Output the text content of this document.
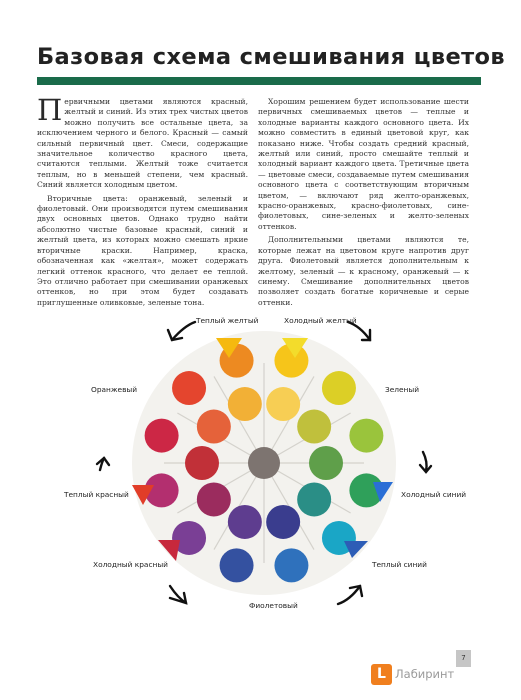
Базовая схема смешивания цветов

Первичными цветами являются красный, желтый и синий. Из этих трех чистых цветов можно получить все остальные цвета, за исключением черного и белого. Красный — самый сильный первичный цвет. Смеси, содержащие значительное количество красного цвета, считаются теплыми. Желтый тоже считается теплым, но в меньшей степени, чем красный. Синий является холодным цветом.

Вторичные цвета: оранжевый, зеленый и фиолетовый. Они производятся путем смешивания двух основных цветов. Однако трудно найти абсолютно чистые базовые красный, синий и желтый цвета, из которых можно смешать яркие вторичные краски. Например, краска, обозначенная как «желтая», может содержать легкий оттенок красного, что делает ее теплой. Это отлично работает при смешивании оранжевых оттенков, но при этом будет создавать приглушенные оливковые, зеленые тона.

Хорошим решением будет использование шести первичных смешиваемых цветов — теплые и холодные варианты каждого основного цвета. Их можно совместить в единый цветовой круг, как показано ниже. Чтобы создать средний красный, желтый или синий, просто смешайте теплый и холодный вариант каждого цвета. Третичные цвета — цветовые смеси, создаваемые путем смешивания основного цвета с соответствующим вторичным цветом, — включают ряд желто-оранжевых, красно-оранжевых, красно-фиолетовых, сине-фиолетовых, сине-зеленых и желто-зеленых оттенков.

Дополнительными цветами являются те, которые лежат на цветовом круге напротив друг друга. Фиолетовый является дополнительным к желтому, зеленый — к красному, оранжевый — к синему. Смешивание дополнительных цветов позволяет создать богатые коричневые и серые оттенки.

Теплый желтый	Холодный желтый
Оранжевый	Зеленый
Теплый красный	Холодный синий
Холодный красный	Теплый синий
Фиолетовый
7
L Лабиринт
